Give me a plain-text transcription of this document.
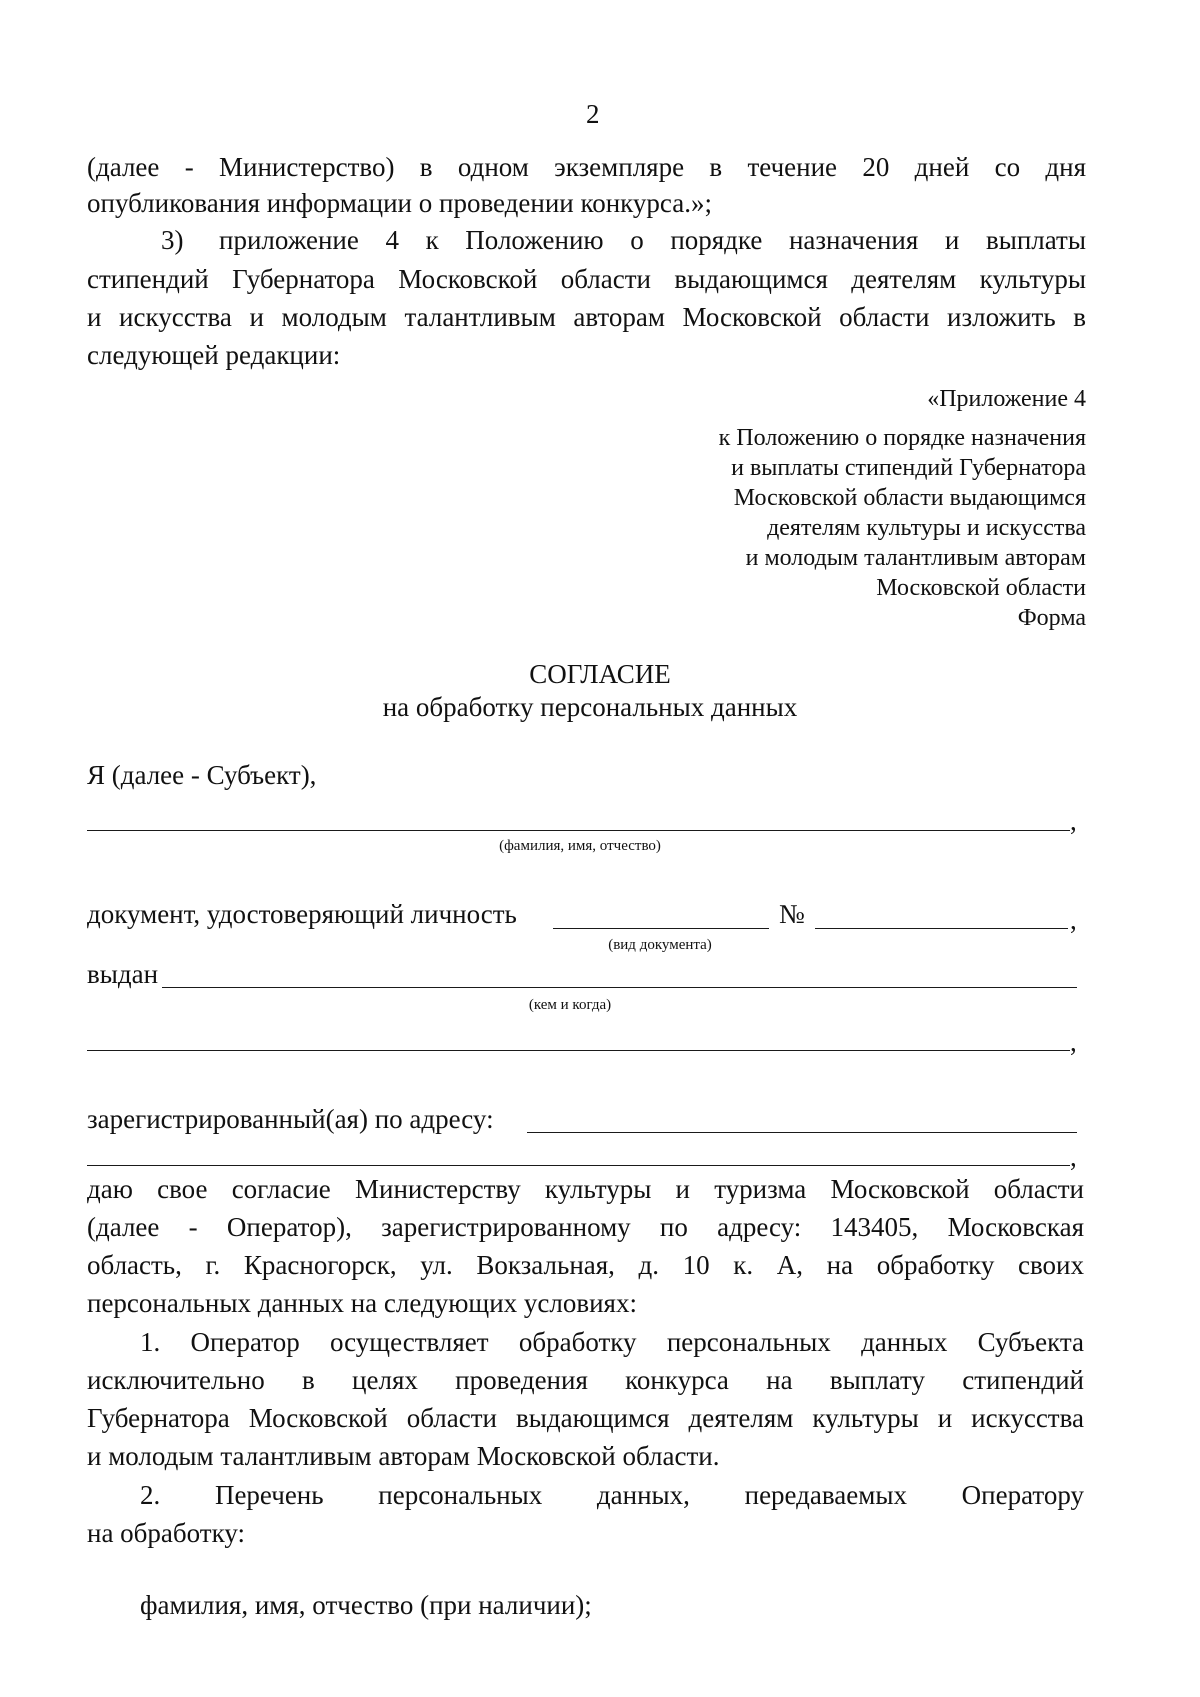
2
(далее - Министерство) в одном экземпляре в течение 20 дней со дня
опубликования информации о проведении конкурса.»;
3) приложение 4 к Положению о порядке назначения и выплаты
стипендий Губернатора Московской области выдающимся деятелям культуры
и искусства и молодым талантливым авторам Московской области изложить в
следующей редакции:
«Приложение 4
к Положению о порядке назначения
и выплаты стипендий Губернатора
Московской области выдающимся
деятелям культуры и искусства
и молодым талантливым авторам
Московской области
Форма
СОГЛАСИЕ
на обработку персональных данных
Я (далее - Субъект),
,
(фамилия, имя, отчество)
документ, удостоверяющий личность	№	,
(вид документа)
выдан
(кем и когда)
,
зарегистрированный(ая) по адресу:
,
даю свое согласие Министерству культуры и туризма Московской области
(далее - Оператор), зарегистрированному по адресу: 143405, Московская
область, г. Красногорск, ул. Вокзальная, д. 10 к. А, на обработку своих
персональных данных на следующих условиях:
1. Оператор осуществляет обработку персональных данных Субъекта
исключительно в целях проведения конкурса на выплату стипендий
Губернатора Московской области выдающимся деятелям культуры и искусства
и молодым талантливым авторам Московской области.
2. Перечень персональных данных, передаваемых Оператору
на обработку:
фамилия, имя, отчество (при наличии);
